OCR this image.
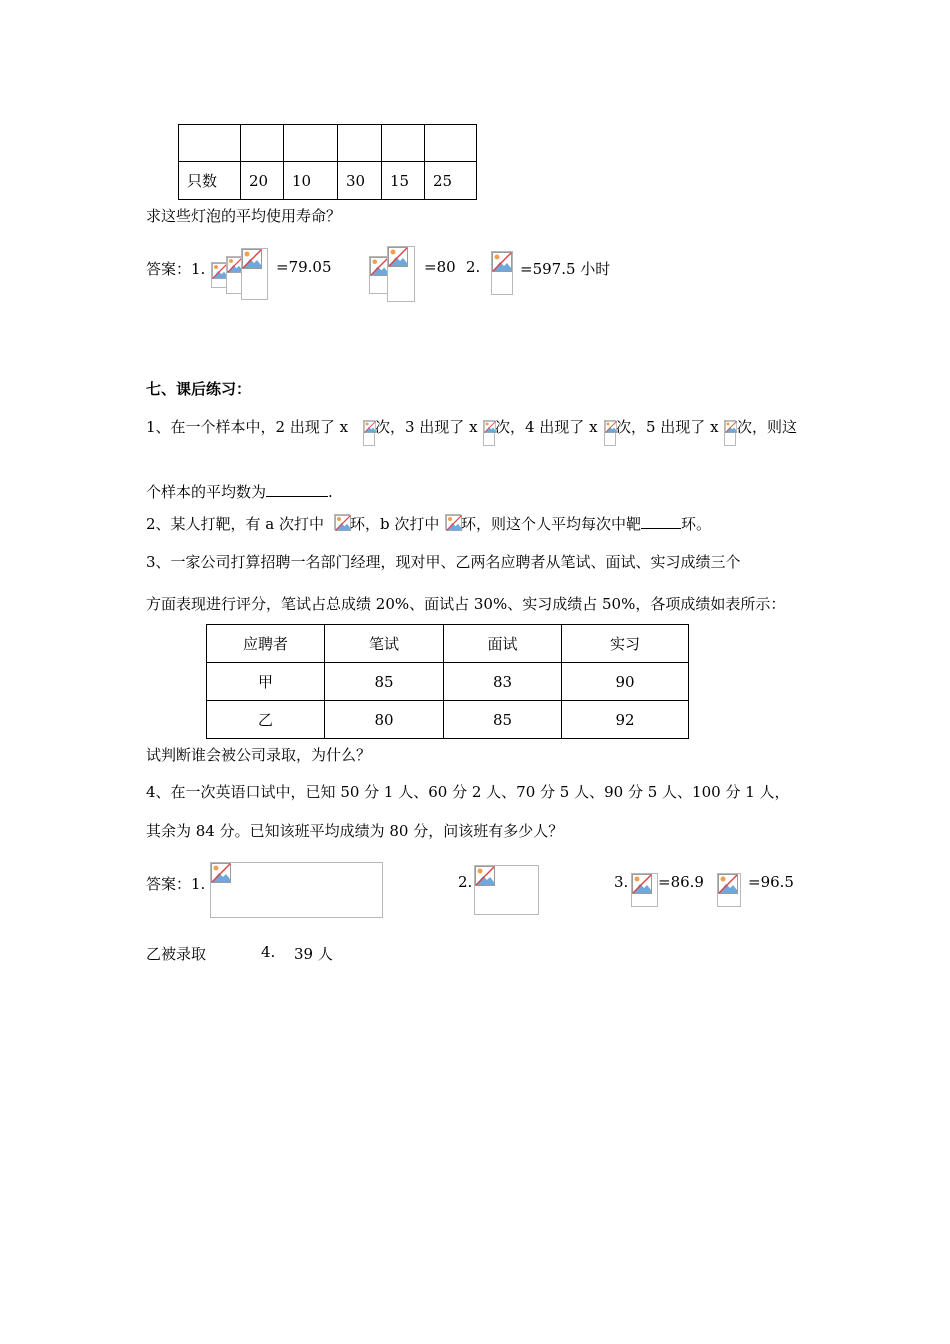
只数	20	10	30	15	25
求这些灯泡的平均使用寿命？
答案：1.	=79.05	=80 2.	=597.5 小时
七、课后练习：
1、在一个样本中，2 出现了 x 次，3 出现了 x 次，4 出现了 x 次，5 出现了 x 次，则这
个样本的平均数为	.
2、某人打靶，有 a 次打中 环，b 次打中 环，则这个人平均每次中靶	环。
3、一家公司打算招聘一名部门经理，现对甲、乙两名应聘者从笔试、面试、实习成绩三个
方面表现进行评分，笔试占总成绩 20%、面试占 30%、实习成绩占 50%，各项成绩如表所示：
应聘者	笔试	面试	实习
甲	85	83	90
乙	80	85	92
试判断谁会被公司录取，为什么？
4、在一次英语口试中，已知 50 分 1 人、60 分 2 人、70 分 5 人、90 分 5 人、100 分 1 人，
其余为 84 分。已知该班平均成绩为 80 分，问该班有多少人？
答案：1.	2.	3. =86.9	=96.5
乙被录取	4. 39 人
